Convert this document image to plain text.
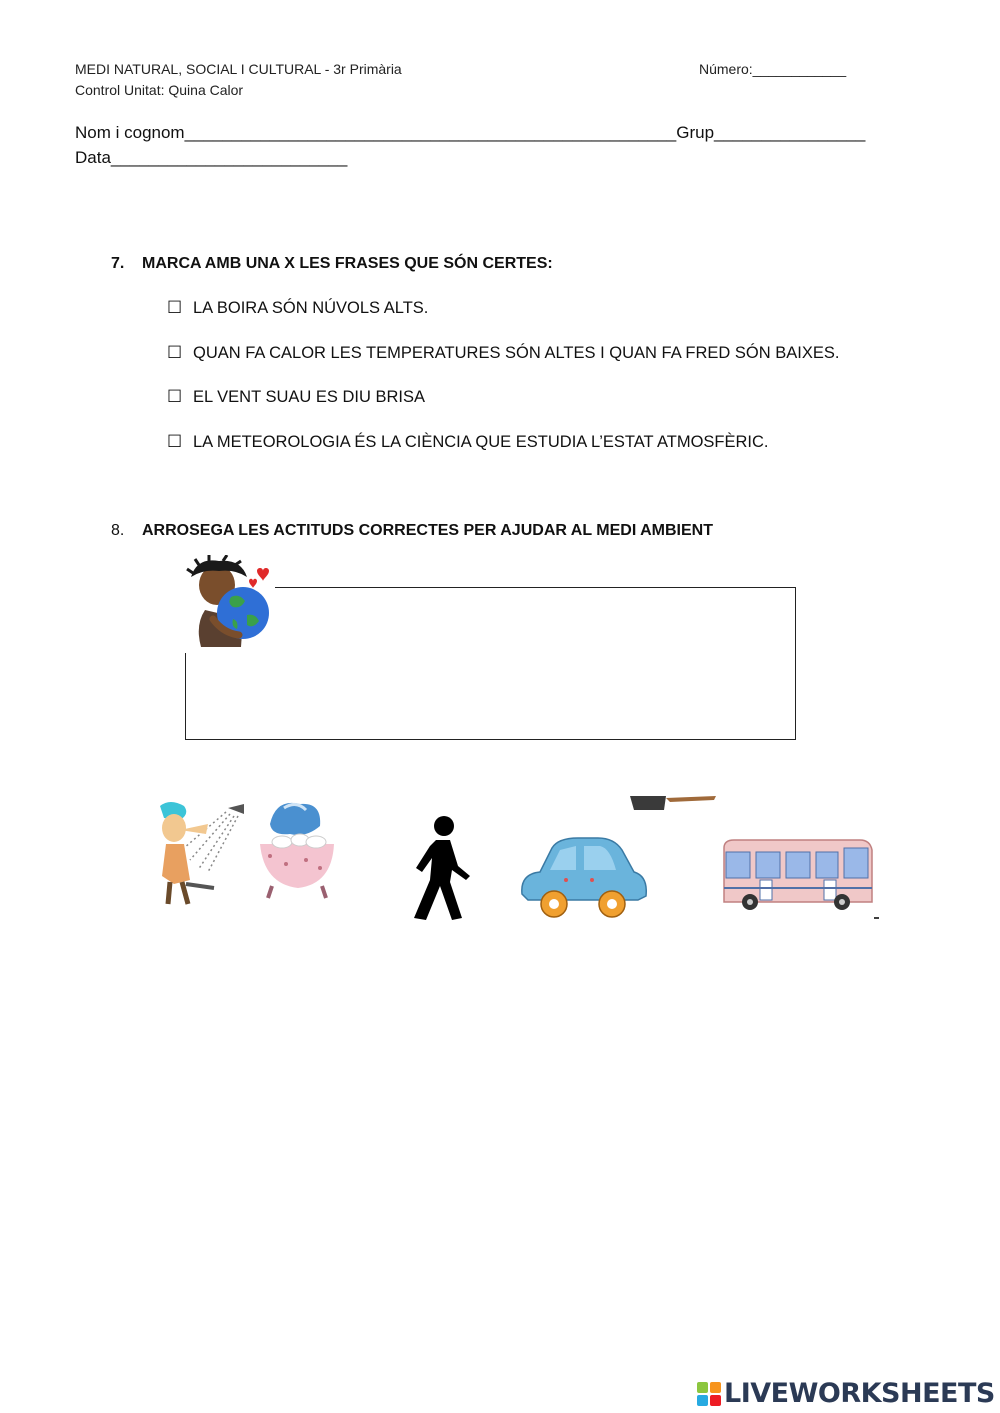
MEDI NATURAL, SOCIAL I CULTURAL - 3r Primària
Control Unitat: Quina Calor
Número:____________
Nom i cognom____________________________________________________Grup________________
Data_________________________
7. MARCA AMB UNA X LES FRASES QUE SÓN CERTES:
☐ LA BOIRA SÓN NÚVOLS ALTS.
☐ QUAN FA CALOR LES TEMPERATURES SÓN ALTES I QUAN FA FRED SÓN BAIXES.
☐ EL VENT SUAU ES DIU BRISA
☐ LA METEOROLOGIA ÉS LA CIÈNCIA QUE ESTUDIA L’ESTAT ATMOSFÈRIC.
8. ARROSEGA LES ACTITUDS CORRECTES PER AJUDAR AL MEDI AMBIENT
LIVEWORKSHEETS
